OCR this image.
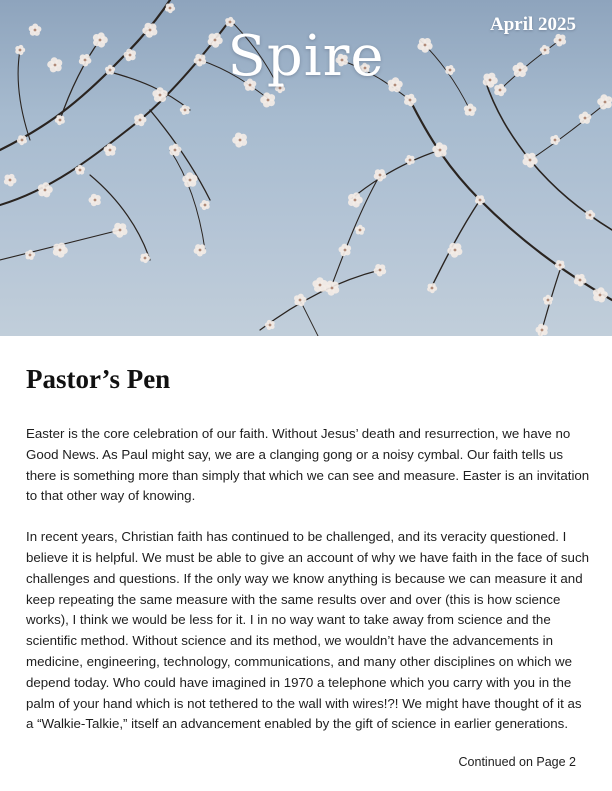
Spire	April 2025
Pastor’s Pen

Easter is the core celebration of our faith. Without Jesus’ death and resurrection, we have no Good News. As Paul might say, we are a clanging gong or a noisy cymbal. Our faith tells us there is something more than simply that which we can see and measure. Easter is an invitation to that other way of knowing.

In recent years, Christian faith has continued to be challenged, and its veracity questioned. I believe it is helpful. We must be able to give an account of why we have faith in the face of such challenges and questions. If the only way we know anything is because we can measure it and keep repeating the same measure with the same results over and over (this is how science works), I think we would be less for it. I in no way want to take away from science and the scientific method. Without science and its method, we wouldn’t have the advancements in medicine, engineering, technology, communications, and many other disciplines on which we depend today. Who could have imagined in 1970 a telephone which you carry with you in the palm of your hand which is not tethered to the wall with wires!?! We might have thought of it as a “Walkie-Talkie,” itself an advancement enabled by the gift of science in earlier generations.

Continued on Page 2
